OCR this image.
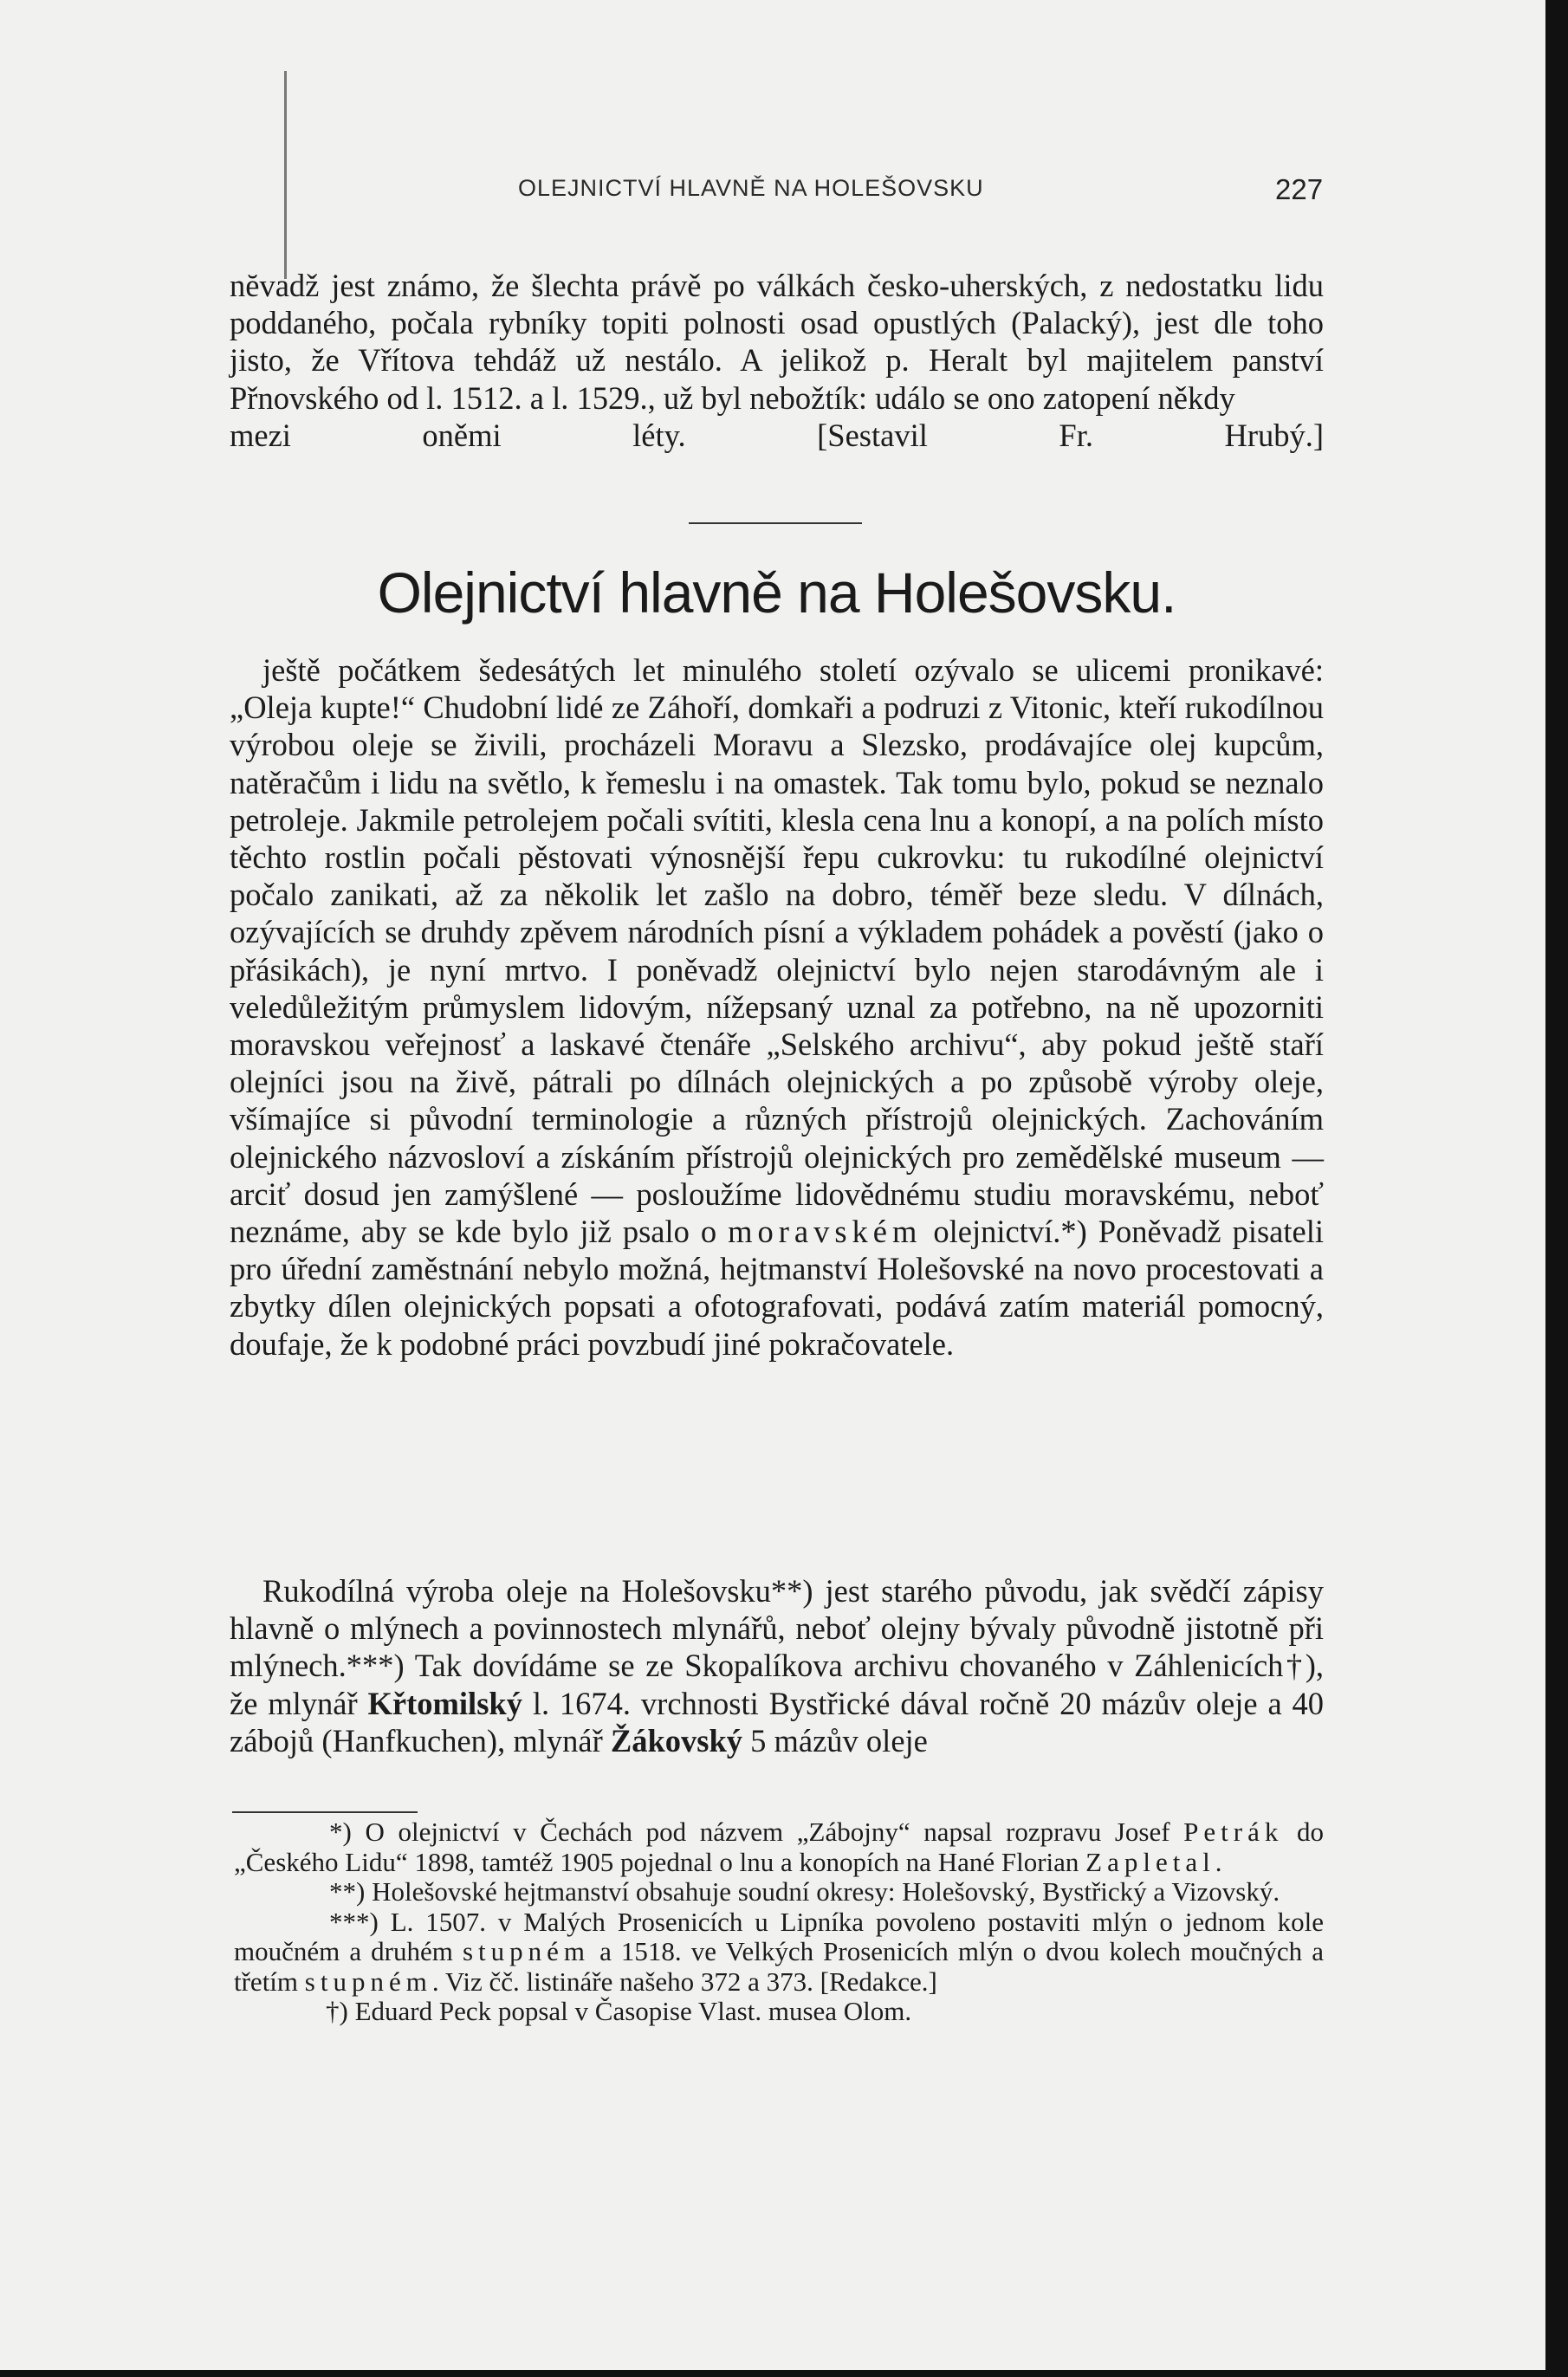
OLEJNICTVÍ HLAVNĚ NA HOLEŠOVSKU	227

nĕvadž jest známo, že šlechta právě po válkách česko-uherských, z nedostatku lidu poddaného, počala rybníky topiti polnosti osad opustlých (Palacký), jest dle toho jisto, že Vřítova tehdáž už nestálo. A jelikož p. Heralt byl majitelem panství Přnovského od l. 1512. a l. 1529., už byl nebožtík: událo se ono zatopení někdy

mezi oněmi léty.	[Sestavil Fr. Hrubý.]

Olejnictví hlavně na Holešovsku.

ještě počátkem šedesátých let minulého století ozývalo se ulicemi pronikavé: „Oleja kupte!“ Chudobní lidé ze Záhoří, domkaři a podruzi z Vitonic, kteří rukodílnou výrobou oleje se živili, procházeli Moravu a Slezsko, prodávajíce olej kupcům, natěračům i lidu na světlo, k řemeslu i na omastek. Tak tomu bylo, pokud se neznalo petroleje. Jakmile petrolejem počali svítiti, klesla cena lnu a konopí, a na polích místo těchto rostlin počali pěstovati výnosnější řepu cukrovku: tu rukodílné olejnictví počalo zanikati, až za několik let zašlo na dobro, téměř beze sledu. V dílnách, ozývajících se druhdy zpěvem národních písní a výkladem pohádek a pověstí (jako o přásikách), je nyní mrtvo. I poněvadž olejnictví bylo nejen starodávným ale i veledůležitým průmyslem lidovým, nížepsaný uznal za potřebno, na ně upozorniti moravskou veřejnosť a laskavé čtenáře „Selského archivu“, aby pokud ještě staří olejníci jsou na živě, pátrali po dílnách olejnických a po způsobě výroby oleje, všímajíce si původní terminologie a různých přístrojů olejnických. Zachováním olejnického názvosloví a získáním přístrojů olejnických pro zemědělské museum — arciť dosud jen zamýšlené — posloužíme lidovědnému studiu moravskému, neboť neznáme, aby se kde bylo již psalo o moravském olejnictví.*) Poněvadž pisateli pro úřední zaměstnání nebylo možná, hejtmanství Holešovské na novo procestovati a zbytky dílen olejnických popsati a ofotografovati, podává zatím materiál pomocný, doufaje, že k podobné práci povzbudí jiné pokračovatele.

Rukodílná výroba oleje na Holešovsku**) jest starého původu, jak svědčí zápisy hlavně o mlýnech a povinnostech mlynářů, neboť olejny bývaly původně jistotně při mlýnech.***) Tak dovídáme se ze Skopalíkova archivu chovaného v Záhlenicích†), že mlynář Křtomilský l. 1674. vrchnosti Bystřické dával ročně 20 mázův oleje a 40 zábojů (Hanfkuchen), mlynář Žákovský 5 mázův oleje

*) O olejnictví v Čechách pod názvem „Zábojny“ napsal rozpravu Josef Petrák do „Českého Lidu“ 1898, tamtéž 1905 pojednal o lnu a konopích na Hané Florian Zapletal.

**) Holešovské hejtmanství obsahuje soudní okresy: Holešovský, Bystřický a Vizovský.

***) L. 1507. v Malých Prosenicích u Lipníka povoleno postaviti mlýn o jednom kole moučném a druhém stupném a 1518. ve Velkých Prosenicích mlýn o dvou kolech moučných a třetím stupném. Viz čč. listináře našeho 372 a 373. [Redakce.]

†) Eduard Peck popsal v Časopise Vlast. musea Olom.
